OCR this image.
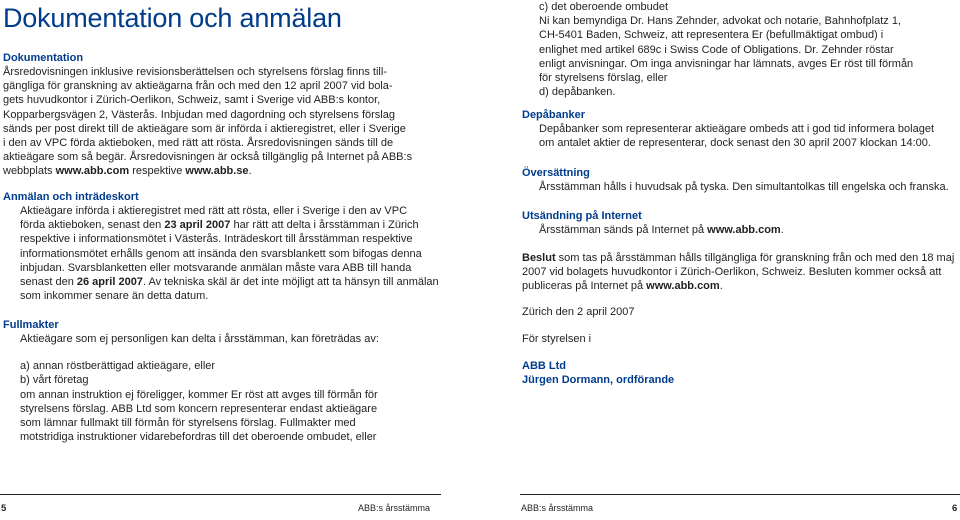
Dokumentation och anmälan
Dokumentation
Årsredovisningen inklusive revisionsberättelsen och styrelsens förslag finns till-
gängliga för granskning av aktieägarna från och med den 12 april 2007 vid bola-
gets huvudkontor i Zürich-Oerlikon, Schweiz, samt i Sverige vid ABB:s kontor,
Kopparbergsvägen 2, Västerås. Inbjudan med dagordning och styrelsens förslag
sänds per post direkt till de aktieägare som är införda i aktieregistret, eller i Sverige
i den av VPC förda aktieboken, med rätt att rösta. Årsredovisningen sänds till de
aktieägare som så begär. Årsredovisningen är också tillgänglig på Internet på ABB:s
webbplats www.abb.com respektive www.abb.se.
Anmälan och inträdeskort
Aktieägare införda i aktieregistret med rätt att rösta, eller i Sverige i den av VPC
förda aktieboken, senast den 23 april 2007 har rätt att delta i årsstämman i Zürich
respektive i informationsmötet i Västerås. Inträdeskort till årsstämman respektive
informationsmötet erhålls genom att insända den svarsblankett som bifogas denna
inbjudan. Svarsblanketten eller motsvarande anmälan måste vara ABB till handa
senast den 26 april 2007. Av tekniska skäl är det inte möjligt att ta hänsyn till anmälan
som inkommer senare än detta datum.
Fullmakter
Aktieägare som ej personligen kan delta i årsstämman, kan företrädas av:
a) annan röstberättigad aktieägare, eller
b) vårt företag
om annan instruktion ej föreligger, kommer Er röst att avges till förmån för
styrelsens förslag. ABB Ltd som koncern representerar endast aktieägare
som lämnar fullmakt till förmån för styrelsens förslag. Fullmakter med
motstridiga instruktioner vidarebefordras till det oberoende ombudet, eller
c) det oberoende ombudet
Ni kan bemyndiga Dr. Hans Zehnder, advokat och notarie, Bahnhofplatz 1,
CH-5401 Baden, Schweiz, att representera Er (befullmäktigat ombud) i
enlighet med artikel 689c i Swiss Code of Obligations. Dr. Zehnder röstar
enligt anvisningar. Om inga anvisningar har lämnats, avges Er röst till förmån
för styrelsens förslag, eller
d) depåbanken.
Depåbanker
Depåbanker som representerar aktieägare ombeds att i god tid informera bolaget
om antalet aktier de representerar, dock senast den 30 april 2007 klockan 14:00.
Översättning
Årsstämman hålls i huvudsak på tyska. Den simultantolkas till engelska och franska.
Utsändning på Internet
Årsstämman sänds på Internet på www.abb.com.
Beslut som tas på årsstämman hålls tillgängliga för granskning från och med den 18 maj
2007 vid bolagets huvudkontor i Zürich-Oerlikon, Schweiz. Besluten kommer också att
publiceras på Internet på www.abb.com.
Zürich den 2 april 2007
För styrelsen i
ABB Ltd
Jürgen Dormann, ordförande
5	ABB:s årsstämma	ABB:s årsstämma	6
